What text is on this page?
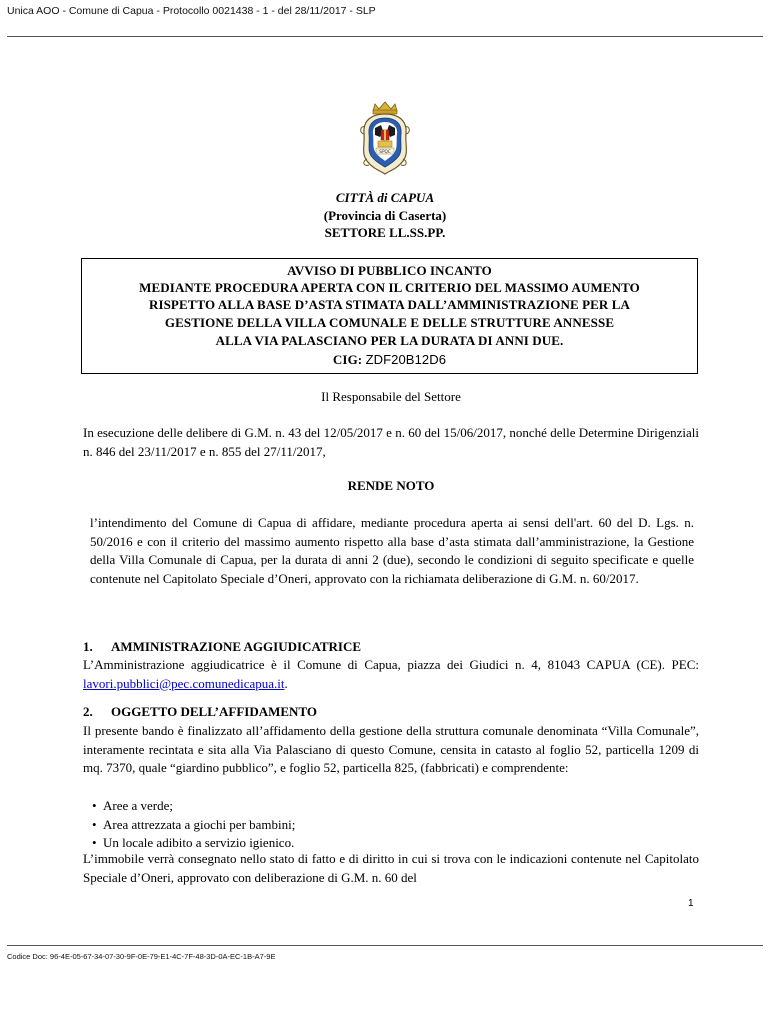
Unica AOO - Comune di Capua - Protocollo 0021438 - 1 - del 28/11/2017 - SLP
SPQC
CITTÀ di CAPUA
(Provincia di Caserta)
SETTORE LL.SS.PP.
AVVISO DI PUBBLICO INCANTO
MEDIANTE PROCEDURA APERTA CON IL CRITERIO DEL MASSIMO AUMENTO
RISPETTO ALLA BASE D’ASTA STIMATA DALL’AMMINISTRAZIONE PER LA
GESTIONE DELLA VILLA COMUNALE E DELLE STRUTTURE ANNESSE
ALLA VIA PALASCIANO PER LA DURATA DI ANNI DUE.
CIG: ZDF20B12D6
Il Responsabile del Settore
In esecuzione delle delibere di G.M. n. 43 del 12/05/2017 e n. 60 del 15/06/2017, nonché delle Determine Dirigenziali n. 846 del 23/11/2017 e n. 855 del 27/11/2017,
RENDE NOTO
l’intendimento del Comune di Capua di affidare, mediante procedura aperta ai sensi dell'art. 60 del D. Lgs. n. 50/2016 e con il criterio del massimo aumento rispetto alla base d’asta stimata dall’amministrazione, la Gestione della Villa Comunale di Capua, per la durata di anni 2 (due), secondo le condizioni di seguito specificate e quelle contenute nel Capitolato Speciale d’Oneri, approvato con la richiamata deliberazione di G.M. n. 60/2017.
1. AMMINISTRAZIONE AGGIUDICATRICE
L’Amministrazione aggiudicatrice è il Comune di Capua, piazza dei Giudici n. 4, 81043 CAPUA (CE). PEC: lavori.pubblici@pec.comunedicapua.it.
2. OGGETTO DELL’AFFIDAMENTO
Il presente bando è finalizzato all’affidamento della gestione della struttura comunale denominata “Villa Comunale”, interamente recintata e sita alla Via Palasciano di questo Comune, censita in catasto al foglio 52, particella 1209 di mq. 7370, quale “giardino pubblico”, e foglio 52, particella 825, (fabbricati) e comprendente:
• Aree a verde;
• Area attrezzata a giochi per bambini;
• Un locale adibito a servizio igienico.
L’immobile verrà consegnato nello stato di fatto e di diritto in cui si trova con le indicazioni contenute nel Capitolato Speciale d’Oneri, approvato con deliberazione di G.M. n. 60 del
1
Codice Doc: 96-4E-05-67-34-07-30-9F-0E-79-E1-4C-7F-48-3D-0A-EC-1B-A7-9E
